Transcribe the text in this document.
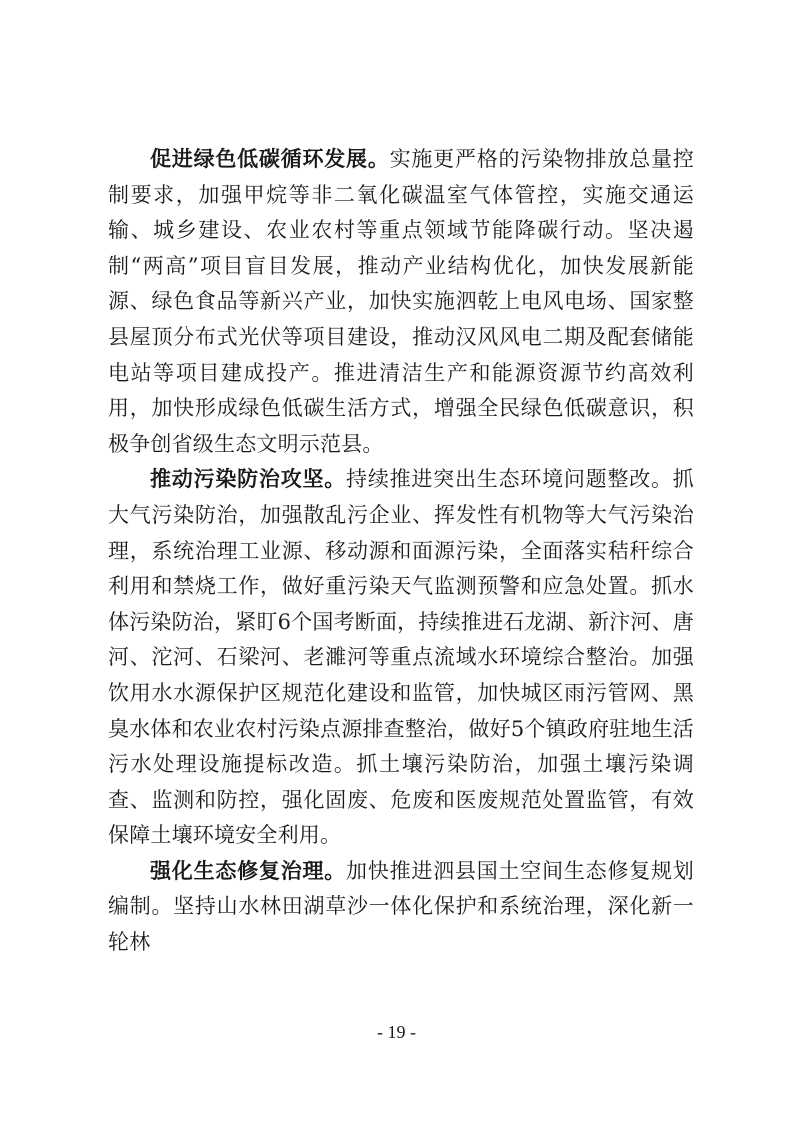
促进绿色低碳循环发展。实施更严格的污染物排放总量控制要求，加强甲烷等非二氧化碳温室气体管控，实施交通运输、城乡建设、农业农村等重点领域节能降碳行动。坚决遏制“两高”项目盲目发展，推动产业结构优化，加快发展新能源、绿色食品等新兴产业，加快实施泗乾上电风电场、国家整县屋顶分布式光伏等项目建设，推动汉风风电二期及配套储能电站等项目建成投产。推进清洁生产和能源资源节约高效利用，加快形成绿色低碳生活方式，增强全民绿色低碳意识，积极争创省级生态文明示范县。

推动污染防治攻坚。持续推进突出生态环境问题整改。抓大气污染防治，加强散乱污企业、挥发性有机物等大气污染治理，系统治理工业源、移动源和面源污染，全面落实秸秆综合利用和禁烧工作，做好重污染天气监测预警和应急处置。抓水体污染防治，紧盯6个国考断面，持续推进石龙湖、新汴河、唐河、沱河、石梁河、老濉河等重点流域水环境综合整治。加强饮用水水源保护区规范化建设和监管，加快城区雨污管网、黑臭水体和农业农村污染点源排查整治，做好5个镇政府驻地生活污水处理设施提标改造。抓土壤污染防治，加强土壤污染调查、监测和防控，强化固废、危废和医废规范处置监管，有效保障土壤环境安全利用。

强化生态修复治理。加快推进泗县国土空间生态修复规划编制。坚持山水林田湖草沙一体化保护和系统治理，深化新一轮林

- 19 -
